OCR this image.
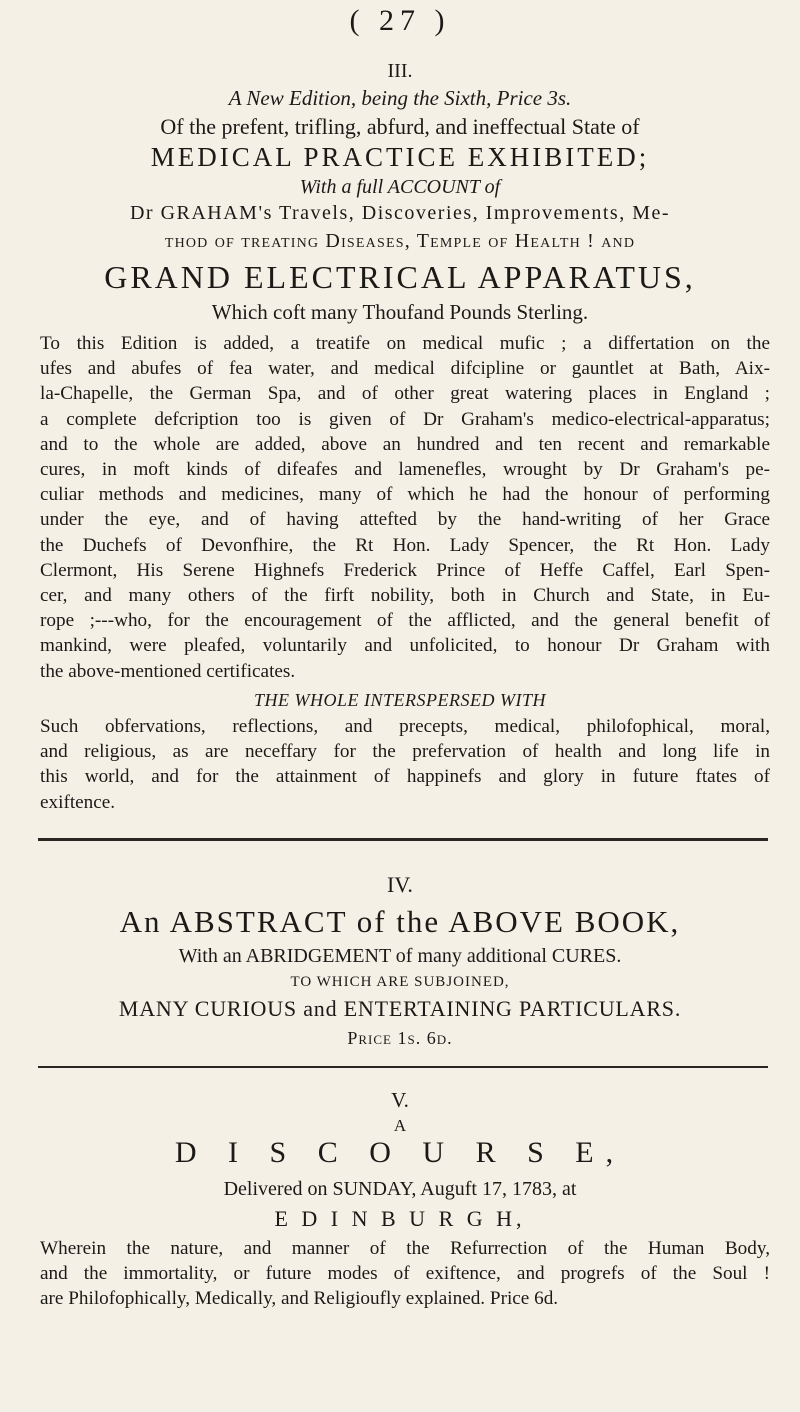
( 27 )
III.
A New Edition, being the Sixth, Price 3s.
Of the prefent, trifling, abfurd, and ineffectual State of
MEDICAL PRACTICE EXHIBITED;
With a full ACCOUNT of
Dr GRAHAM's Travels, Discoveries, Improvements, Me-
thod of treating Diseases, Temple of Health ! and
GRAND ELECTRICAL APPARATUS,
Which coft many Thoufand Pounds Sterling.
To this Edition is added, a treatife on medical mufic ; a differtation on the
ufes and abufes of fea water, and medical difcipline or gauntlet at Bath, Aix-
la-Chapelle, the German Spa, and of other great watering places in England ;
a complete defcription too is given of Dr Graham's medico-electrical-apparatus;
and to the whole are added, above an hundred and ten recent and remarkable
cures, in moft kinds of difeafes and lamenefles, wrought by Dr Graham's pe-
culiar methods and medicines, many of which he had the honour of performing
under the eye, and of having attefted by the hand-writing of her Grace
the Duchefs of Devonfhire, the Rt Hon. Lady Spencer, the Rt Hon. Lady
Clermont, His Serene Highnefs Frederick Prince of Heffe Caffel, Earl Spen-
cer, and many others of the firft nobility, both in Church and State, in Eu-
rope ;---who, for the encouragement of the afflicted, and the general benefit of
mankind, were pleafed, voluntarily and unfolicited, to honour Dr Graham with
the above-mentioned certificates.
THE WHOLE INTERSPERSED WITH
Such obfervations, reflections, and precepts, medical, philofophical, moral,
and religious, as are neceffary for the prefervation of health and long life in
this world, and for the attainment of happinefs and glory in future ftates of
exiftence.
IV.
An ABSTRACT of the ABOVE BOOK,
With an ABRIDGEMENT of many additional CURES.
TO WHICH ARE SUBJOINED,
MANY CURIOUS and ENTERTAINING PARTICULARS.
Price 1s. 6d.
V.
A
D I S C O U R S E,
Delivered on SUNDAY, Auguft 17, 1783, at
E D I N B U R G H,
Wherein the nature, and manner of the Refurrection of the Human Body,
and the immortality, or future modes of exiftence, and progrefs of the Soul !
are Philofophically, Medically, and Religioufly explained. Price 6d.
